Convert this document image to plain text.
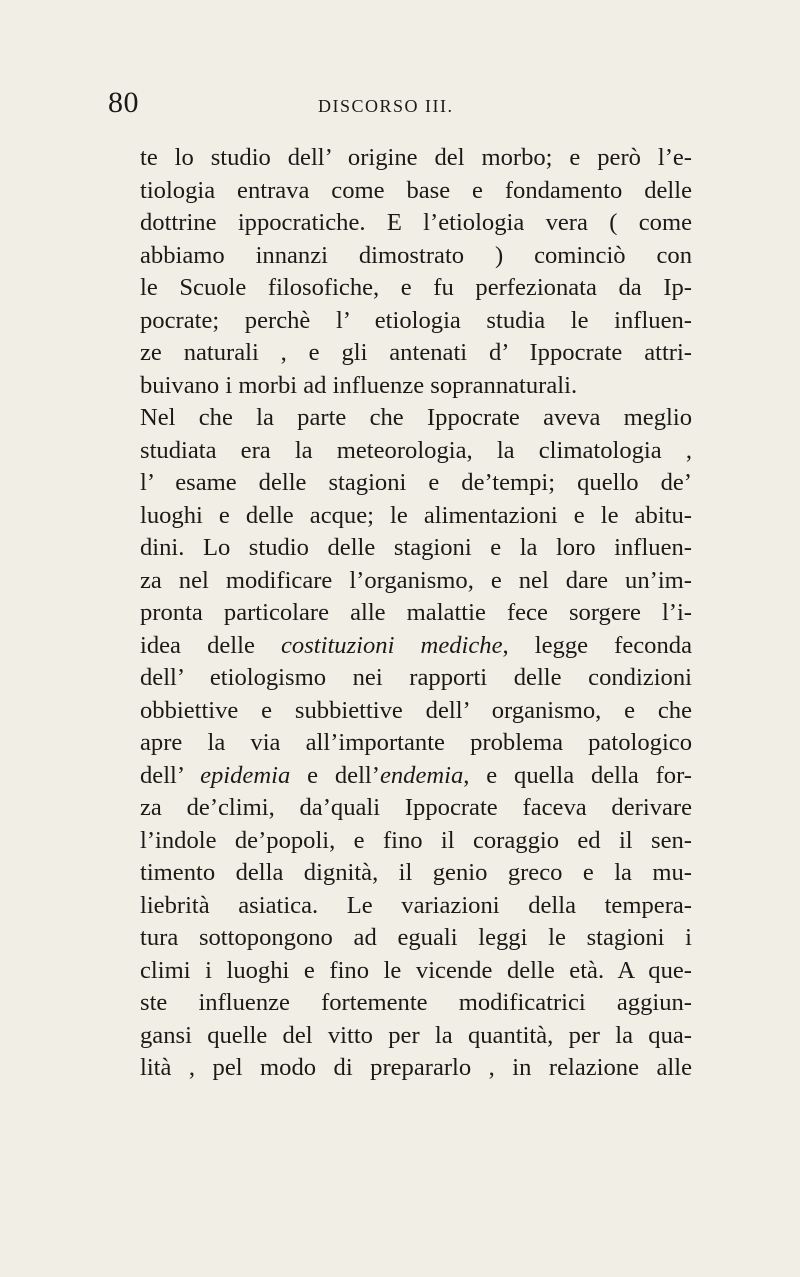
80	DISCORSO III.
te lo studio dell’ origine del morbo; e però l’e-
tiologia entrava come base e fondamento delle
dottrine ippocratiche. E l’etiologia vera ( come
abbiamo innanzi dimostrato ) cominciò con
le Scuole filosofiche, e fu perfezionata da Ip-
pocrate; perchè l’ etiologia studia le influen-
ze naturali , e gli antenati d’ Ippocrate attri-
buivano i morbi ad influenze soprannaturali.
Nel che la parte che Ippocrate aveva meglio
studiata era la meteorologia, la climatologia ,
l’ esame delle stagioni e de’tempi; quello de’
luoghi e delle acque; le alimentazioni e le abitu-
dini. Lo studio delle stagioni e la loro influen-
za nel modificare l’organismo, e nel dare un’im-
pronta particolare alle malattie fece sorgere l’i-
idea delle costituzioni mediche, legge feconda
dell’ etiologismo nei rapporti delle condizioni
obbiettive e subbiettive dell’ organismo, e che
apre la via all’importante problema patologico
dell’ epidemia e dell’endemia, e quella della for-
za de’climi, da’quali Ippocrate faceva derivare
l’indole de’popoli, e fino il coraggio ed il sen-
timento della dignità, il genio greco e la mu-
liebrità asiatica. Le variazioni della tempera-
tura sottopongono ad eguali leggi le stagioni i
climi i luoghi e fino le vicende delle età. A que-
ste influenze fortemente modificatrici aggiun-
gansi quelle del vitto per la quantità, per la qua-
lità , pel modo di prepararlo , in relazione alle
